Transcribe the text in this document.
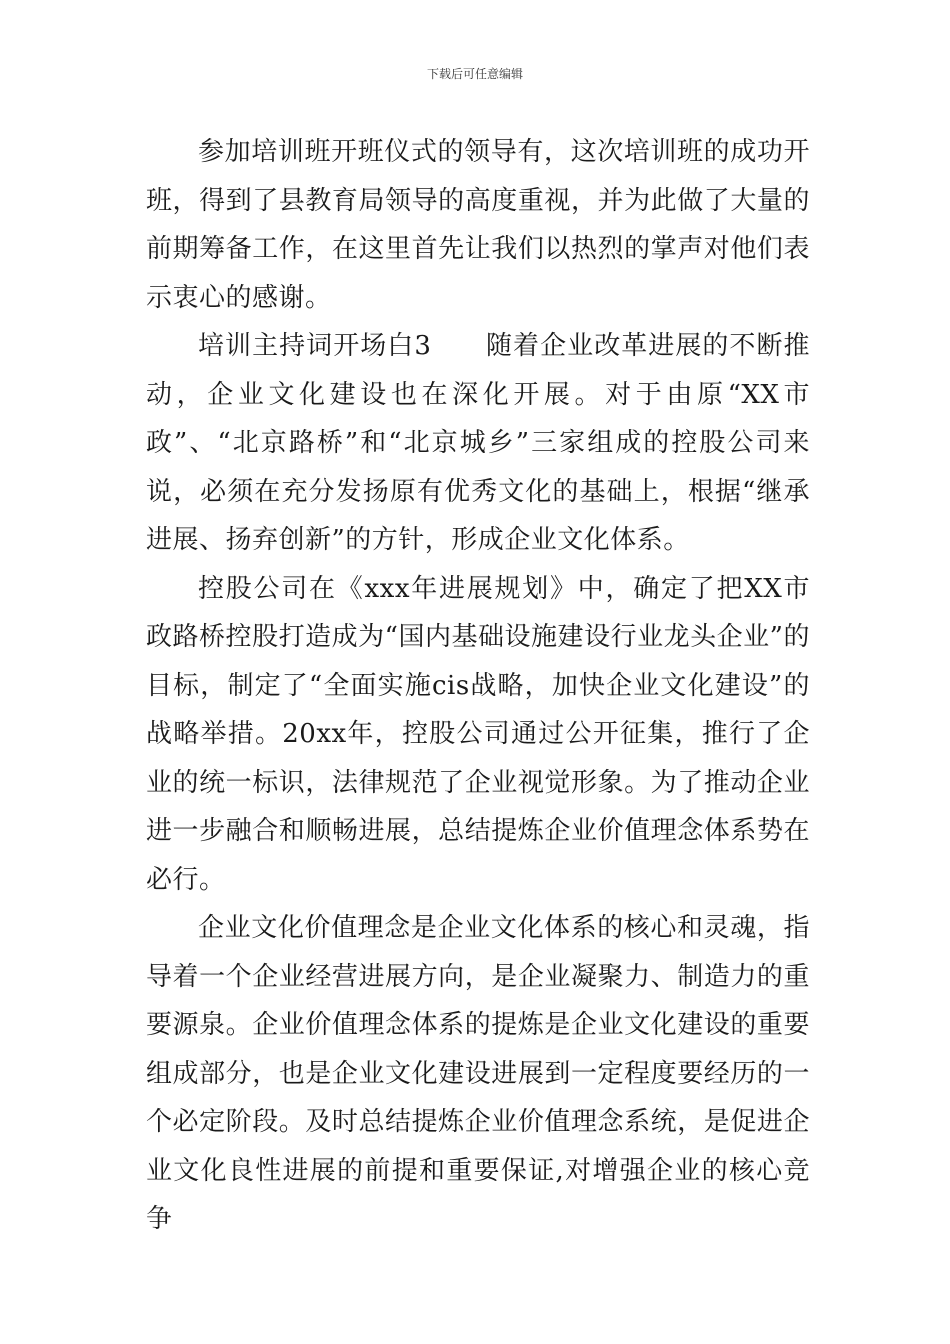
下载后可任意编辑

参加培训班开班仪式的领导有，这次培训班的成功开班，得到了县教育局领导的高度重视，并为此做了大量的前期筹备工作，在这里首先让我们以热烈的掌声对他们表示衷心的感谢。

培训主持词开场白3　　随着企业改革进展的不断推动，企业文化建设也在深化开展。对于由原“XX市政”、“北京路桥”和“北京城乡”三家组成的控股公司来说，必须在充分发扬原有优秀文化的基础上，根据“继承进展、扬弃创新”的方针，形成企业文化体系。

控股公司在《xxx年进展规划》中，确定了把XX市政路桥控股打造成为“国内基础设施建设行业龙头企业”的目标，制定了“全面实施cis战略，加快企业文化建设”的战略举措。20xx年，控股公司通过公开征集，推行了企业的统一标识，法律规范了企业视觉形象。为了推动企业进一步融合和顺畅进展，总结提炼企业价值理念体系势在必行。

企业文化价值理念是企业文化体系的核心和灵魂，指导着一个企业经营进展方向，是企业凝聚力、制造力的重要源泉。企业价值理念体系的提炼是企业文化建设的重要组成部分，也是企业文化建设进展到一定程度要经历的一个必定阶段。及时总结提炼企业价值理念系统，是促进企业文化良性进展的前提和重要保证,对增强企业的核心竞争
